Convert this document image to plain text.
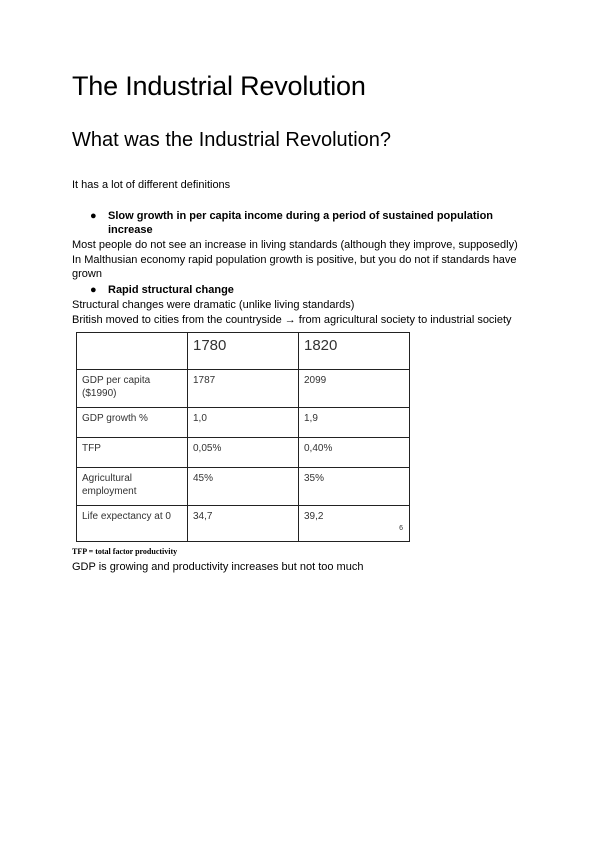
The Industrial Revolution
What was the Industrial Revolution?

It has a lot of different definitions

● Slow growth in per capita income during a period of sustained population
increase

Most people do not see an increase in living standards (although they improve, supposedly)

In Malthusian economy rapid population growth is positive, but you do not if standards have

grown

● Rapid structural change

Structural changes were dramatic (unlike living standards)

British moved to cities from the countryside → from agricultural society to industrial society

	1780	1820
GDP per capita ($1990)	1787	2099
GDP growth %	1,0	1,9
TFP	0,05%	0,40%
Agricultural employment	45%	35%
Life expectancy at 0	34,7	39,2
6

TFP = total factor productivity

GDP is growing and productivity increases but not too much
